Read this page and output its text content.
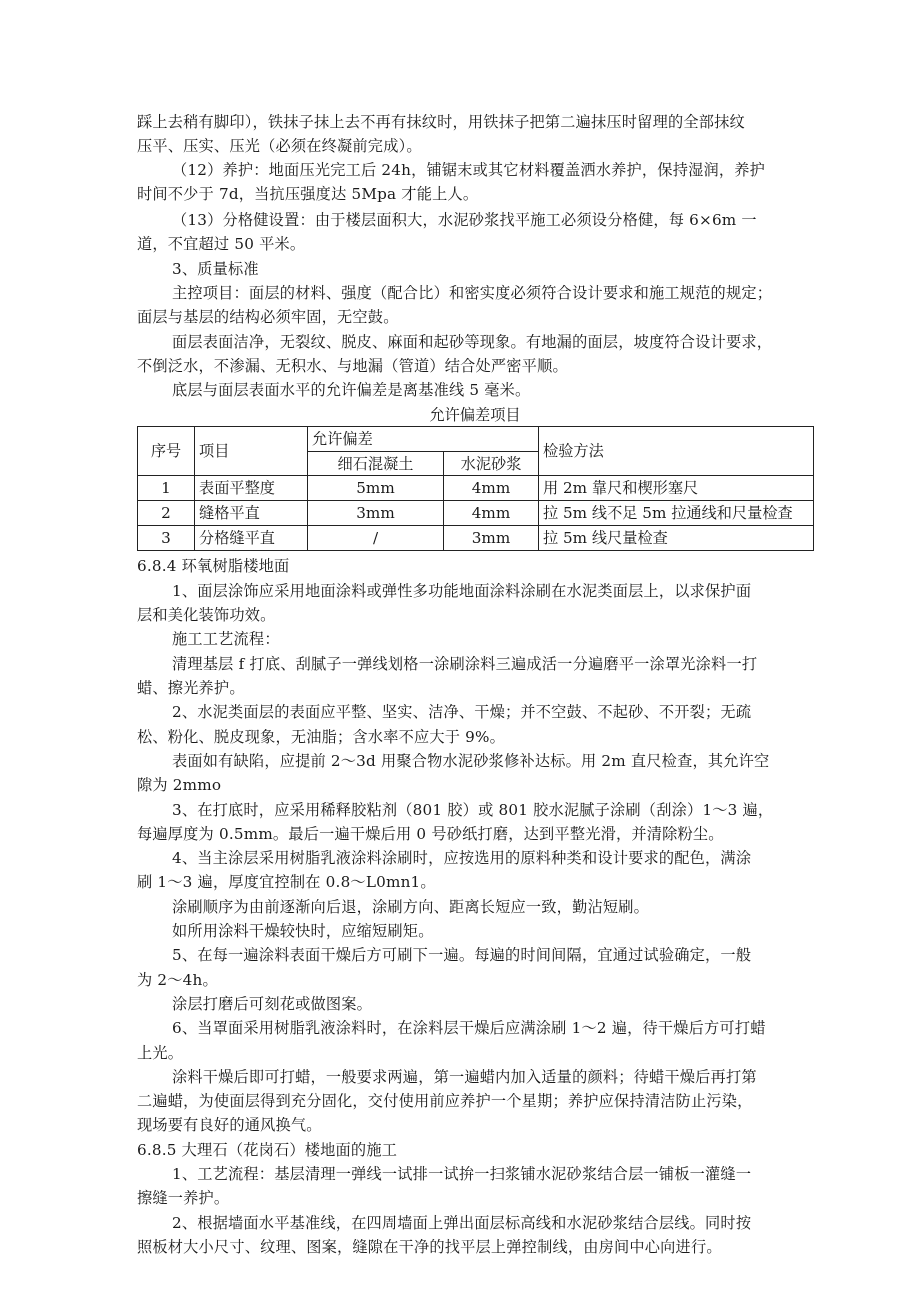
踩上去稍有脚印），铁抹子抹上去不再有抹纹时，用铁抹子把第二遍抹压时留理的全部抹纹
压平、压实、压光（必须在终凝前完成）。
（12）养护：地面压光完工后 24h，铺锯末或其它材料覆盖洒水养护，保持湿润，养护
时间不少于 7d，当抗压强度达 5Mpa 才能上人。
（13）分格健设置：由于楼层面积大，水泥砂浆找平施工必须设分格健，每 6×6m 一
道，不宜超过 50 平米。
3、质量标准
主控项目：面层的材料、强度（配合比）和密实度必须符合设计要求和施工规范的规定；
面层与基层的结构必须牢固，无空鼓。
面层表面洁净，无裂纹、脱皮、麻面和起砂等现象。有地漏的面层，坡度符合设计要求，
不倒泛水，不渗漏、无积水、与地漏（管道）结合处严密平顺。
底层与面层表面水平的允许偏差是离基准线 5 毫米。
允许偏差项目
序号	项目	允许偏差		检验方法
		细石混凝土	水泥砂浆	
1	表面平整度	5mm	4mm	用 2m 靠尺和楔形塞尺
2	缝格平直	3mm	4mm	拉 5m 线不足 5m 拉通线和尺量检查
3	分格缝平直	/	3mm	拉 5m 线尺量检查
6.8.4 环氧树脂楼地面
1、面层涂饰应采用地面涂料或弹性多功能地面涂料涂刷在水泥类面层上，以求保护面
层和美化装饰功效。
施工工艺流程：
清理基层 f 打底、刮腻子一弹线划格一涂刷涂料三遍成活一分遍磨平一涂罩光涂料一打
蜡、擦光养护。
2、水泥类面层的表面应平整、坚实、洁净、干燥；并不空鼓、不起砂、不开裂；无疏
松、粉化、脱皮现象，无油脂；含水率不应大于 9%。
表面如有缺陷，应提前 2～3d 用聚合物水泥砂浆修补达标。用 2m 直尺检查，其允许空
隙为 2mmo
3、在打底时，应采用稀释胶粘剂（801 胶）或 801 胶水泥腻子涂刷（刮涂）1～3 遍，
每遍厚度为 0.5mm。最后一遍干燥后用 0 号砂纸打磨，达到平整光滑，并清除粉尘。
4、当主涂层采用树脂乳液涂料涂刷时，应按选用的原料种类和设计要求的配色，满涂
刷 1～3 遍，厚度宜控制在 0.8～L0mn1。
涂刷顺序为由前逐渐向后退，涂刷方向、距离长短应一致，勤沾短刷。
如所用涂料干燥较快时，应缩短刷矩。
5、在每一遍涂料表面干燥后方可刷下一遍。每遍的时间间隔，宜通过试验确定，一般
为 2～4h。
涂层打磨后可刻花或做图案。
6、当罩面采用树脂乳液涂料时，在涂料层干燥后应满涂刷 1～2 遍，待干燥后方可打蜡
上光。
涂料干燥后即可打蜡，一般要求两遍，第一遍蜡内加入适量的颜料；待蜡干燥后再打第
二遍蜡，为使面层得到充分固化，交付使用前应养护一个星期；养护应保持清洁防止污染，
现场要有良好的通风换气。
6.8.5 大理石（花岗石）楼地面的施工
1、工艺流程：基层清理一弹线一试排一试拚一扫浆铺水泥砂浆结合层一铺板一灌缝一
擦缝一养护。
2、根据墙面水平基准线，在四周墙面上弹出面层标高线和水泥砂浆结合层线。同时按
照板材大小尺寸、纹理、图案，缝隙在干净的找平层上弹控制线，由房间中心向进行。
